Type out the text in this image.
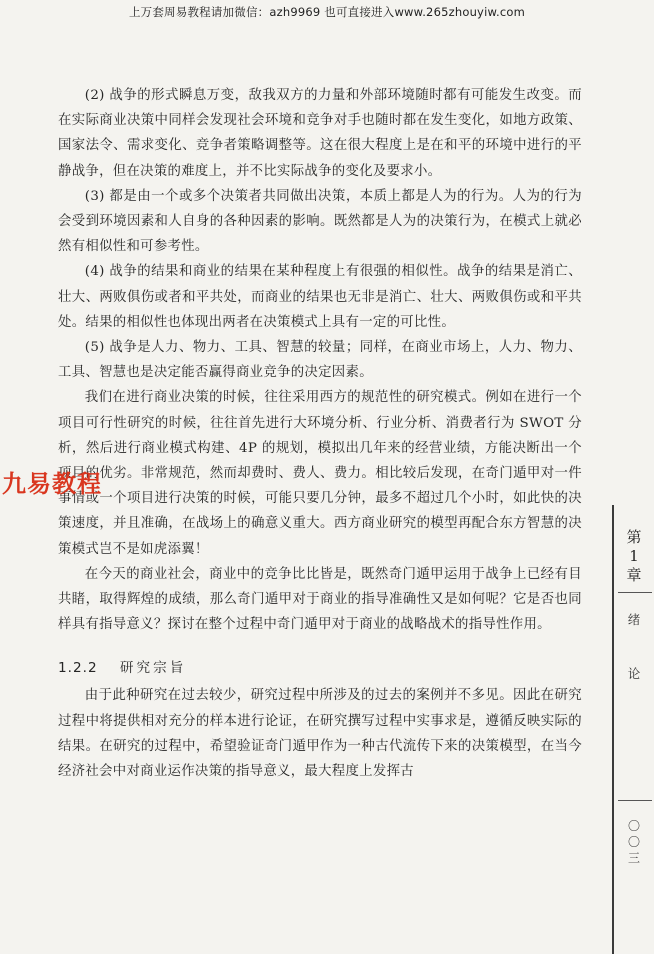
上万套周易教程请加微信：azh9969 也可直接进入www.265zhouyiw.com

(2) 战争的形式瞬息万变，敌我双方的力量和外部环境随时都有可能发生改变。而在实际商业决策中同样会发现社会环境和竞争对手也随时都在发生变化，如地方政策、国家法令、需求变化、竞争者策略调整等。这在很大程度上是在和平的环境中进行的平静战争，但在决策的难度上，并不比实际战争的变化及要求小。

(3) 都是由一个或多个决策者共同做出决策，本质上都是人为的行为。人为的行为会受到环境因素和人自身的各种因素的影响。既然都是人为的决策行为，在模式上就必然有相似性和可参考性。

(4) 战争的结果和商业的结果在某种程度上有很强的相似性。战争的结果是消亡、壮大、两败俱伤或者和平共处，而商业的结果也无非是消亡、壮大、两败俱伤或和平共处。结果的相似性也体现出两者在决策模式上具有一定的可比性。

(5) 战争是人力、物力、工具、智慧的较量；同样，在商业市场上，人力、物力、工具、智慧也是决定能否赢得商业竞争的决定因素。

我们在进行商业决策的时候，往往采用西方的规范性的研究模式。例如在进行一个项目可行性研究的时候，往往首先进行大环境分析、行业分析、消费者行为 SWOT 分析，然后进行商业模式构建、4P 的规划，模拟出几年来的经营业绩，方能决断出一个项目的优劣。非常规范，然而却费时、费人、费力。相比较后发现，在奇门遁甲对一件事情或一个项目进行决策的时候，可能只要几分钟，最多不超过几个小时，如此快的决策速度，并且准确，在战场上的确意义重大。西方商业研究的模型再配合东方智慧的决策模式岂不是如虎添翼！

在今天的商业社会，商业中的竞争比比皆是，既然奇门遁甲运用于战争上已经有目共睹，取得辉煌的成绩，那么奇门遁甲对于商业的指导准确性又是如何呢？它是否也同样具有指导意义？探讨在整个过程中奇门遁甲对于商业的战略战术的指导性作用。

1.2.2 研究宗旨

由于此种研究在过去较少，研究过程中所涉及的过去的案例并不多见。因此在研究过程中将提供相对充分的样本进行论证，在研究撰写过程中实事求是，遵循反映实际的结果。在研究的过程中，希望验证奇门遁甲作为一种古代流传下来的决策模型，在当今经济社会中对商业运作决策的指导意义，最大程度上发挥古

九易教程
第
1
章
绪
论
〇
〇
三
